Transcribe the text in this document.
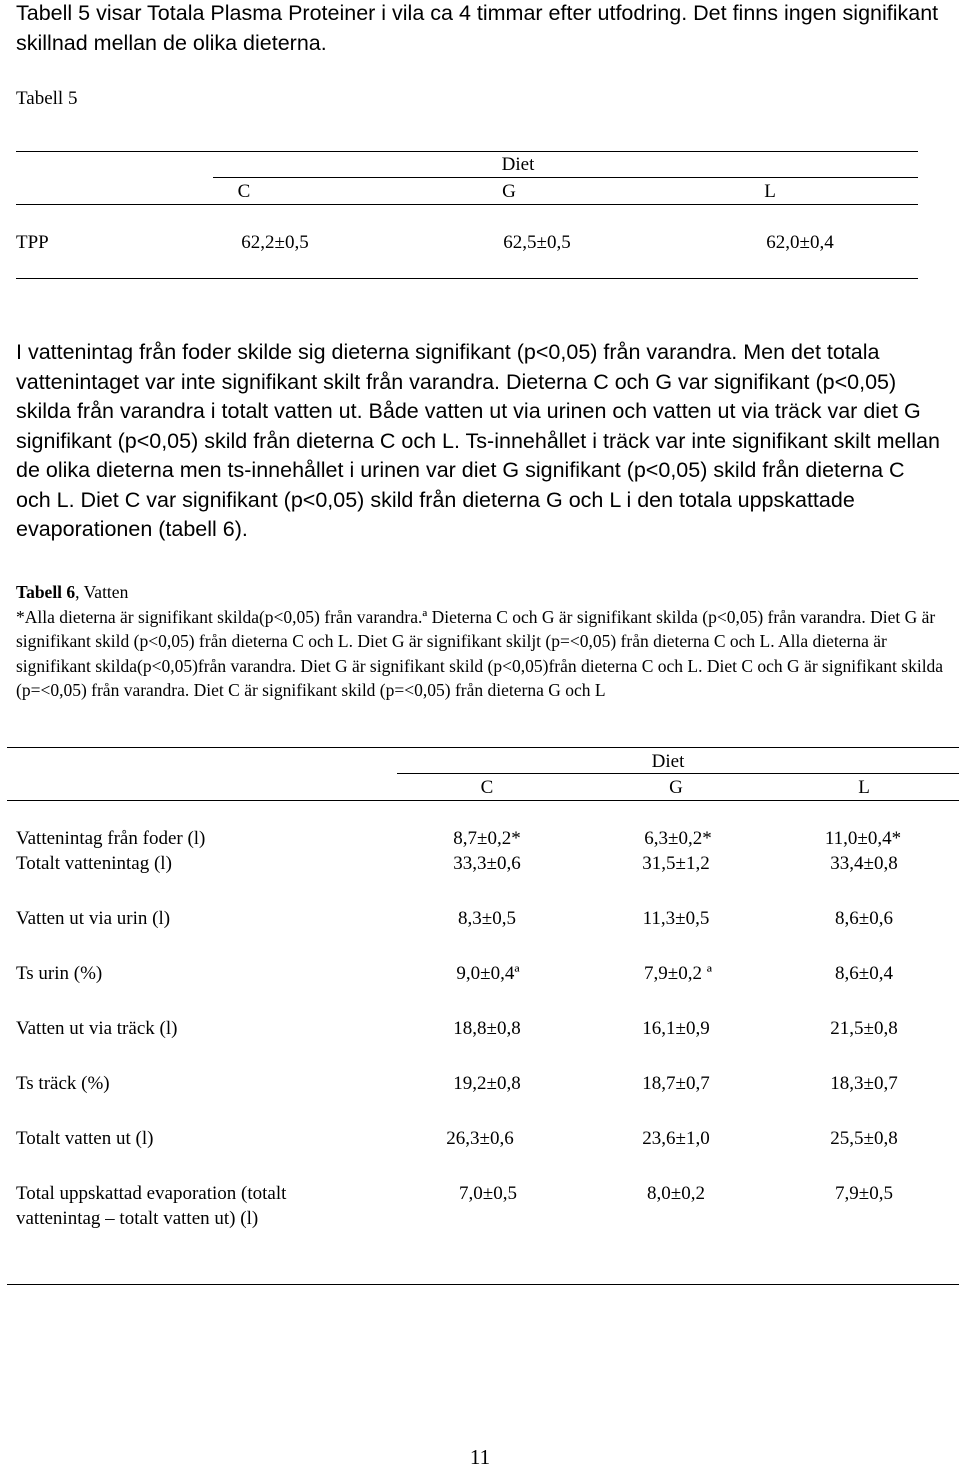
Tabell 5 visar Totala Plasma Proteiner i vila ca 4 timmar efter utfodring. Det finns ingen signifikant skillnad mellan de olika dieterna.

Tabell 5
Diet
C	G	L
TPP	62,2±0,5	62,5±0,5	62,0±0,4

I vattenintag från foder skilde sig dieterna signifikant (p<0,05) från varandra. Men det totala vattenintaget var inte signifikant skilt från varandra. Dieterna C och G var signifikant (p<0,05) skilda från varandra i totalt vatten ut. Både vatten ut via urinen och vatten ut via träck var diet G signifikant (p<0,05) skild från dieterna C och L. Ts-innehållet i träck var inte signifikant skilt mellan de olika dieterna men ts-innehållet i urinen var diet G signifikant (p<0,05) skild från dieterna C och L. Diet C var signifikant (p<0,05) skild från dieterna G och L i den totala uppskattade evaporationen (tabell 6).

Tabell 6, Vatten
*Alla dieterna är signifikant skilda(p<0,05) från varandra.ª Dieterna C och G är signifikant skilda (p<0,05) från varandra. Diet G är signifikant skild (p<0,05) från dieterna C och L. Diet G är signifikant skiljt (p=<0,05) från dieterna C och L. Alla dieterna är signifikant skilda(p<0,05)från varandra. Diet G är signifikant skild (p<0,05)från dieterna C och L. Diet C och G är signifikant skilda (p=<0,05) från varandra. Diet C är signifikant skild (p=<0,05) från dieterna G och L

Diet
C	G	L
Vattenintag från foder (l)	8,7±0,2*	6,3±0,2*	11,0±0,4*
Totalt vattenintag (l)	33,3±0,6	31,5±1,2	33,4±0,8
Vatten ut via urin (l)	8,3±0,5	11,3±0,5	8,6±0,6
Ts urin (%)	9,0±0,4ª	7,9±0,2 ª	8,6±0,4
Vatten ut via träck (l)	18,8±0,8	16,1±0,9	21,5±0,8
Ts träck (%)	19,2±0,8	18,7±0,7	18,3±0,7
Totalt vatten ut (l)	26,3±0,6	23,6±1,0	25,5±0,8
Total uppskattad evaporation (totalt
vattenintag – totalt vatten ut) (l)
7,0±0,5	8,0±0,2	7,9±0,5
11
